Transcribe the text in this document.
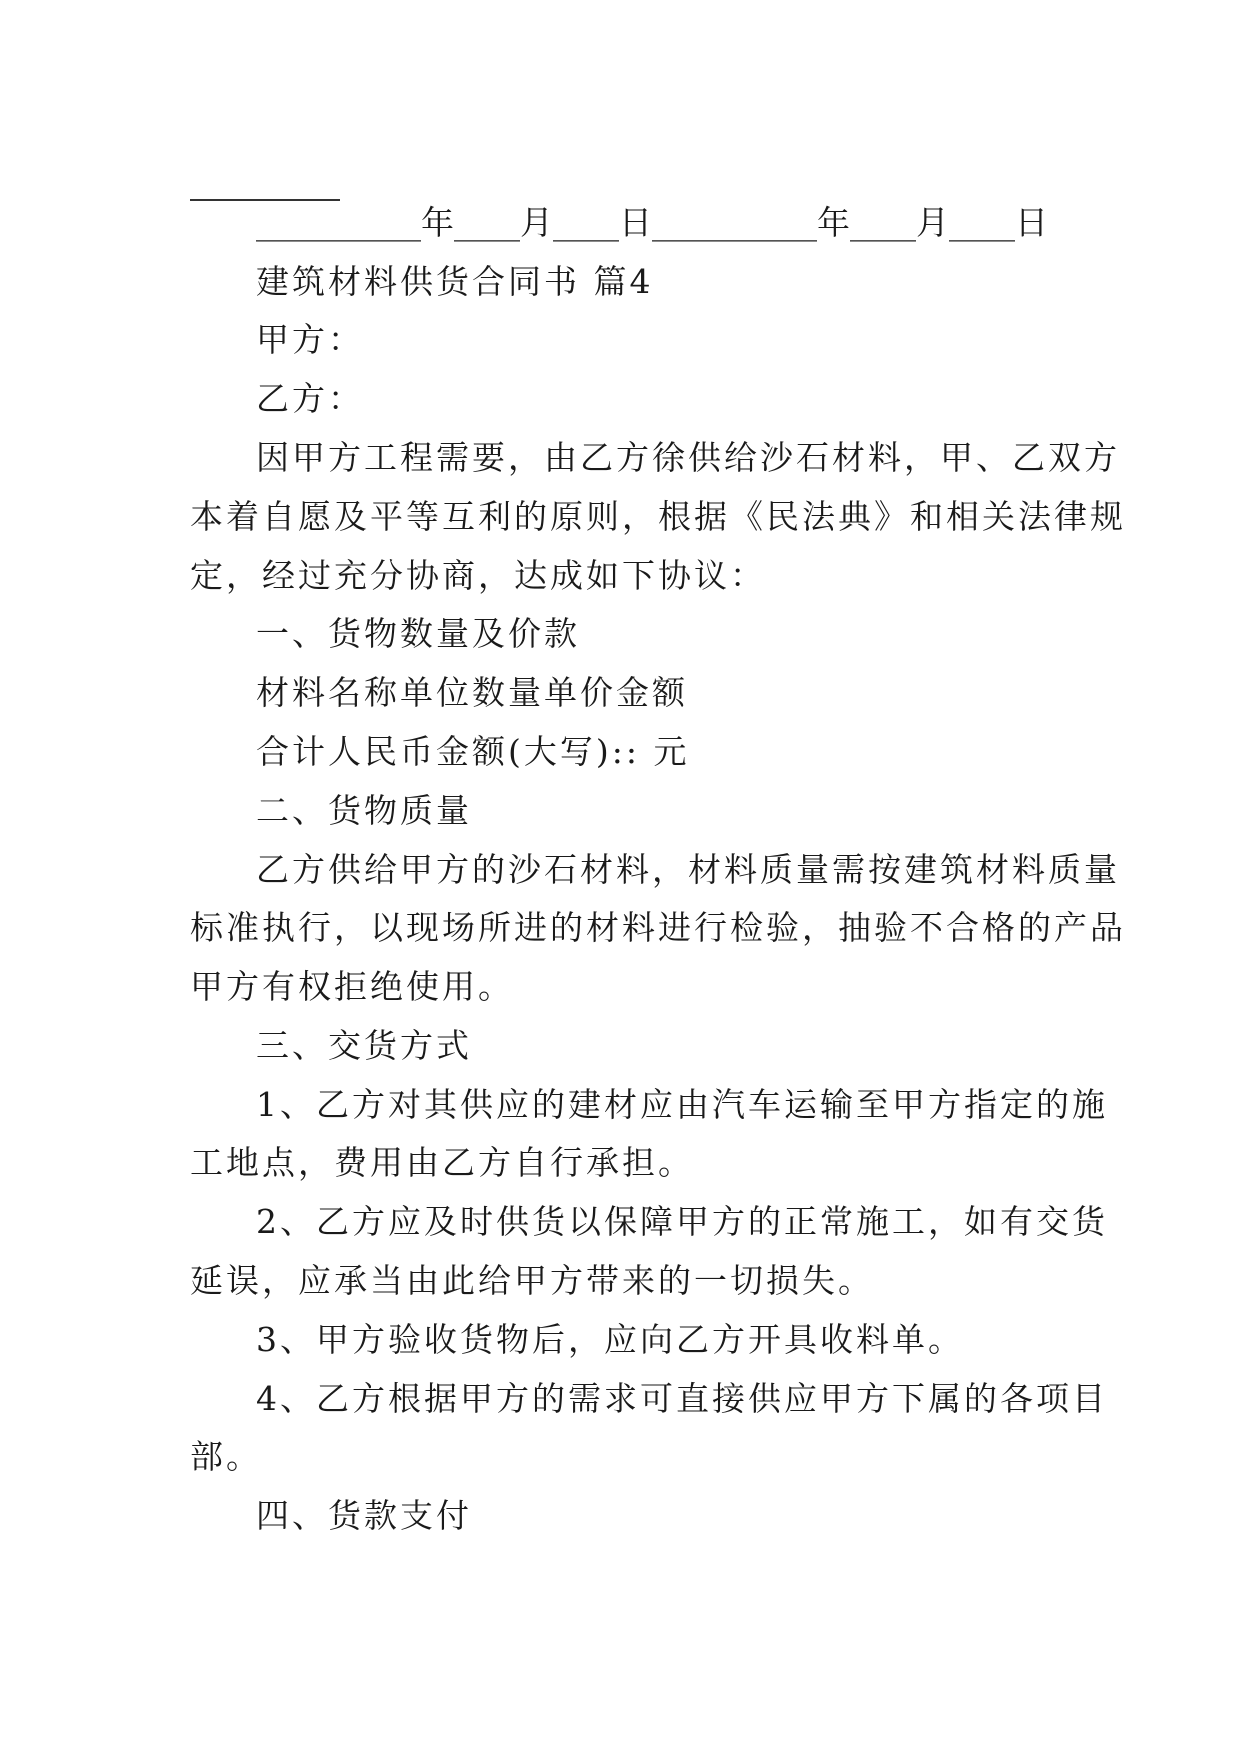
__________年____月____日__________年____月____日
建筑材料供货合同书 篇4
甲方：
乙方：
因甲方工程需要，由乙方徐供给沙石材料，甲、乙双方
本着自愿及平等互利的原则，根据《民法典》和相关法律规
定，经过充分协商，达成如下协议：
一、货物数量及价款
材料名称单位数量单价金额
合计人民币金额(大写):: 元
二、货物质量
乙方供给甲方的沙石材料，材料质量需按建筑材料质量
标准执行，以现场所进的材料进行检验，抽验不合格的产品
甲方有权拒绝使用。
三、交货方式
1、乙方对其供应的建材应由汽车运输至甲方指定的施
工地点，费用由乙方自行承担。
2、乙方应及时供货以保障甲方的正常施工，如有交货
延误，应承当由此给甲方带来的一切损失。
3、甲方验收货物后，应向乙方开具收料单。
4、乙方根据甲方的需求可直接供应甲方下属的各项目
部。
四、货款支付
